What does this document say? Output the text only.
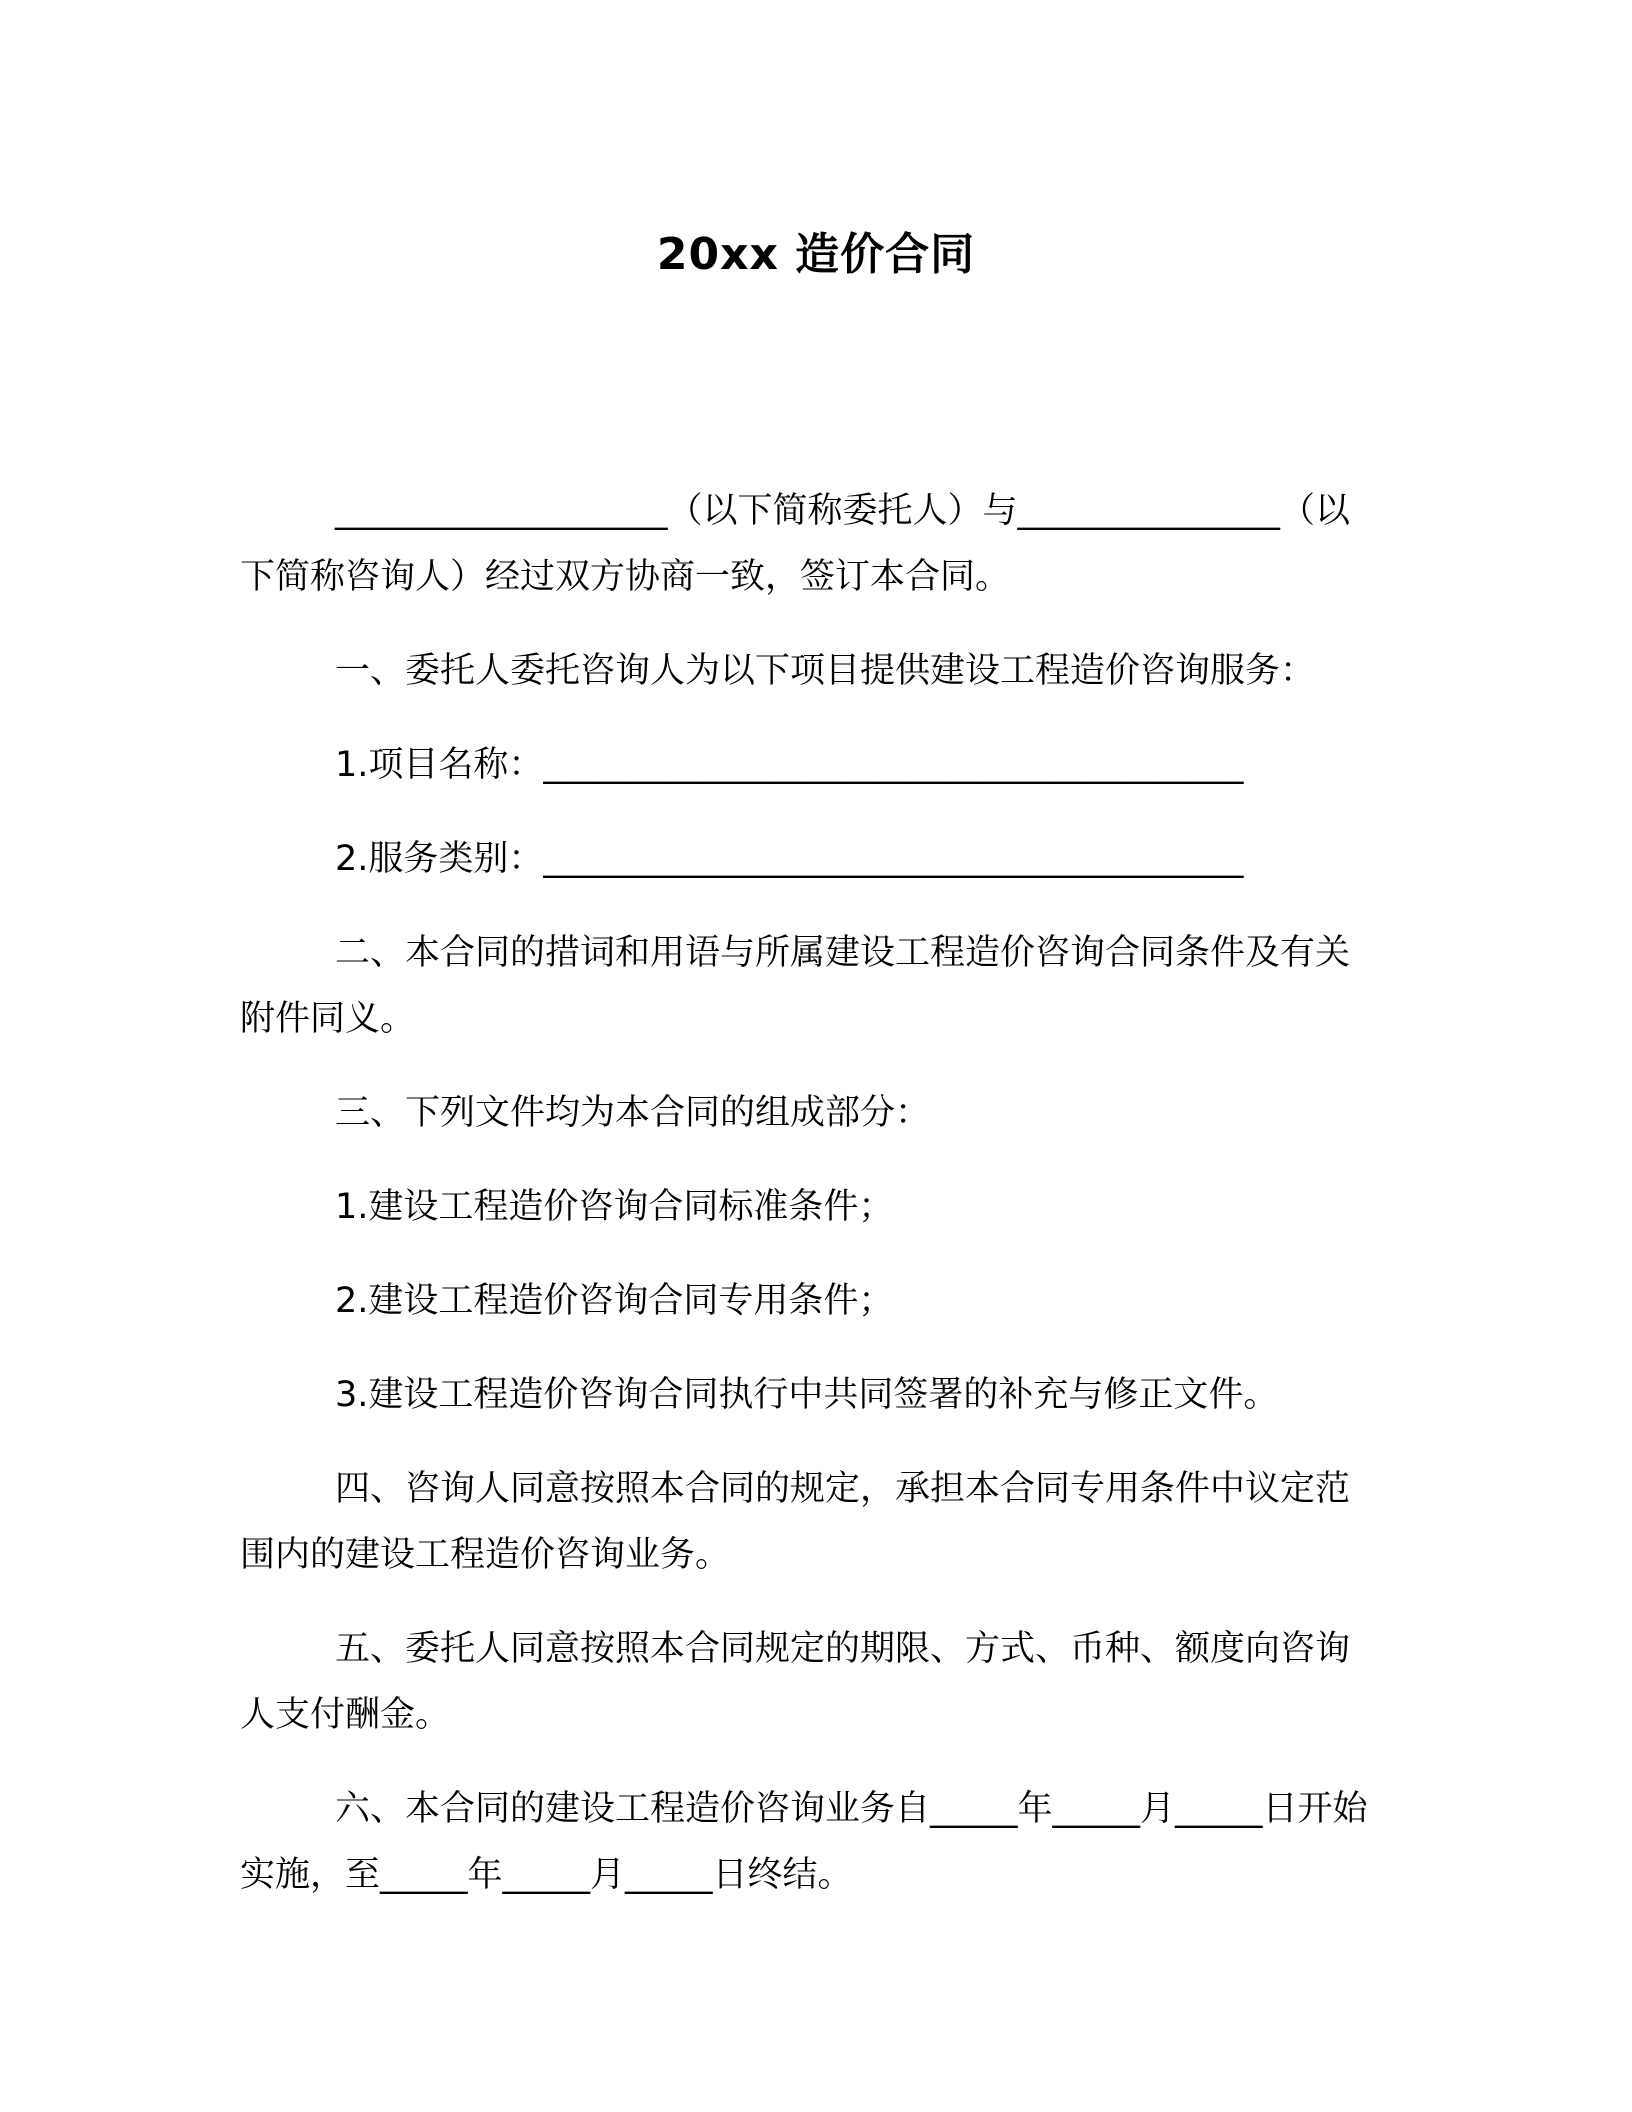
20xx 造价合同

___________________（以下简称委托人）与_______________（以下简称咨询人）经过双方协商一致，签订本合同。

一、委托人委托咨询人为以下项目提供建设工程造价咨询服务：

1.项目名称：________________________________________

2.服务类别：________________________________________

二、本合同的措词和用语与所属建设工程造价咨询合同条件及有关附件同义。

三、下列文件均为本合同的组成部分：

1.建设工程造价咨询合同标准条件；

2.建设工程造价咨询合同专用条件；

3.建设工程造价咨询合同执行中共同签署的补充与修正文件。

四、咨询人同意按照本合同的规定，承担本合同专用条件中议定范围内的建设工程造价咨询业务。

五、委托人同意按照本合同规定的期限、方式、币种、额度向咨询人支付酬金。

六、本合同的建设工程造价咨询业务自_____年_____月_____日开始实施，至_____年_____月_____日终结。
